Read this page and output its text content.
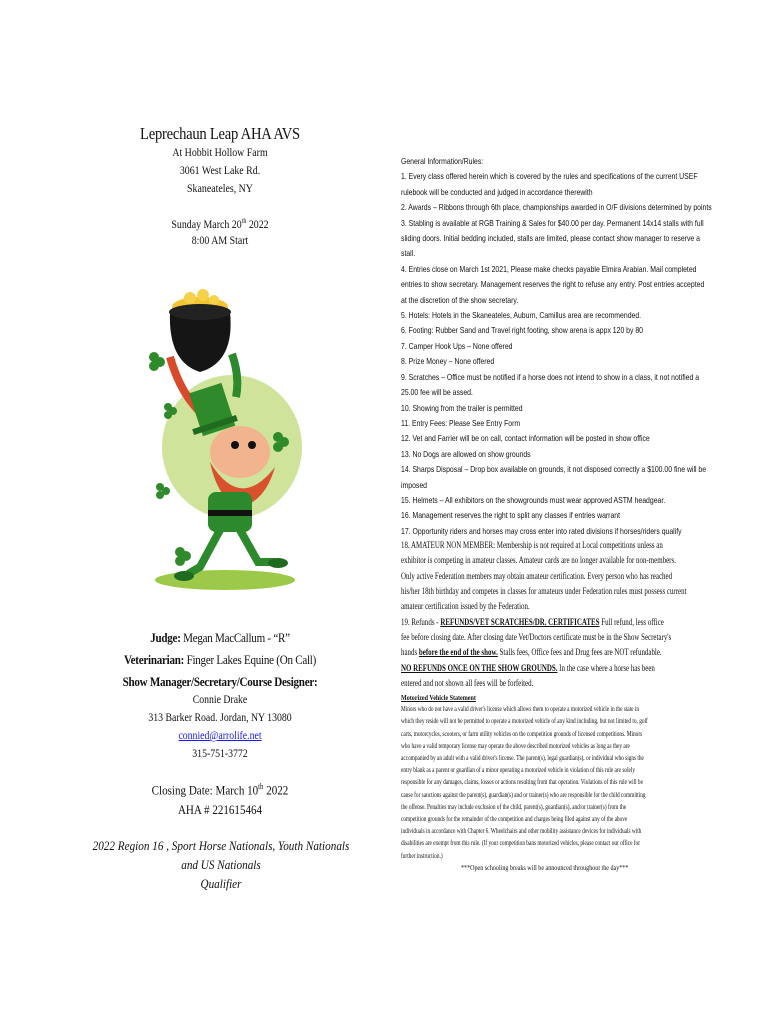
Leprechaun Leap AHA AVS
At Hobbit Hollow Farm
3061 West Lake Rd.
Skaneateles, NY
Sunday March 20th 2022
8:00 AM Start
Judge: Megan MacCallum - “R”
Veterinarian: Finger Lakes Equine (On Call)
Show Manager/Secretary/Course Designer:
Connie Drake
313 Barker Road. Jordan, NY 13080
connied@arrolife.net
315-751-3772
Closing Date: March 10th 2022
AHA # 221615464
2022 Region 16 , Sport Horse Nationals, Youth Nationals and US Nationals
Qualifier
General Information/Rules:
1. Every class offered herein which is covered by the rules and specifications of the current USEF
rulebook will be conducted and judged in accordance therewith
2. Awards – Ribbons through 6th place, championships awarded in O/F divisions determined by points
3. Stabling is available at RGB Training & Sales for $40.00 per day. Permanent 14x14 stalls with full
sliding doors. Initial bedding included, stalls are limited, please contact show manager to reserve a
stall.
4. Entries close on March 1st 2021, Please make checks payable Elmira Arabian. Mail completed
entries to show secretary. Management reserves the right to refuse any entry. Post entries accepted
at the discretion of the show secretary.
5. Hotels: Hotels in the Skaneateles, Auburn, Camillus area are recommended.
6. Footing: Rubber Sand and Travel right footing, show arena is appx 120 by 80
7. Camper Hook Ups – None offered
8. Prize Money – None offered
9. Scratches – Office must be notified if a horse does not intend to show in a class, it not notified a
25.00 fee will be assed.
10. Showing from the trailer is permitted
11. Entry Fees: Please See Entry Form
12. Vet and Farrier will be on call, contact information will be posted in show office
13. No Dogs are allowed on show grounds
14. Sharps Disposal – Drop box available on grounds, it not disposed correctly a $100.00 fine will be
imposed
15. Helmets – All exhibitors on the showgrounds must wear approved ASTM headgear.
16. Management reserves the right to split any classes if entries warrant
17. Opportunity riders and horses may cross enter into rated divisions if horses/riders qualify
18. AMATEUR NON MEMBER: Membership is not required at Local competitions unless an
exhibitor is competing in amateur classes. Amateur cards are no longer available for non-members.
Only active Federation members may obtain amateur certification. Every person who has reached
his/her 18th birthday and competes in classes for amateurs under Federation rules must possess current
amateur certification issued by the Federation.
19. Refunds - REFUNDS/VET SCRATCHES/DR. CERTIFICATES Full refund, less office
fee before closing date. After closing date Vet/Doctors certificate must be in the Show Secretary's
hands before the end of the show. Stalls fees, Office fees and Drug fees are NOT refundable.
NO REFUNDS ONCE ON THE SHOW GROUNDS. In the case where a horse has been
entered and not shown all fees will be forfeited.
Motorized Vehicle Statement
Minors who do not have a valid driver's license which allows them to operate a motorized vehicle in the state in
which they reside will not be permitted to operate a motorized vehicle of any kind including, but not limited to, golf
carts, motorcycles, scooters, or farm utility vehicles on the competition grounds of licensed competitions. Minors
who have a valid temporary license may operate the above described motorized vehicles as long as they are
accompanied by an adult with a valid driver's license. The parent(s), legal guardian(s), or individual who signs the
entry blank as a parent or guardian of a minor operating a motorized vehicle in violation of this rule are solely
responsible for any damages, claims, losses or actions resulting from that operation. Violations of this rule will be
cause for sanctions against the parent(s), guardian(s) and or trainer(s) who are responsible for the child committing
the offense. Penalties may include exclusion of the child, parent(s), guardian(s), and/or trainer(s) from the
competition grounds for the remainder of the competition and charges being filed against any of the above
individuals in accordance with Chapter 6. Wheelchairs and other mobility assistance devices for individuals with
disabilities are exempt from this rule. (If your competition bans motorized vehicles, please contact our office for
further instruction.)
***Open schooling breaks will be announced throughout the day***
